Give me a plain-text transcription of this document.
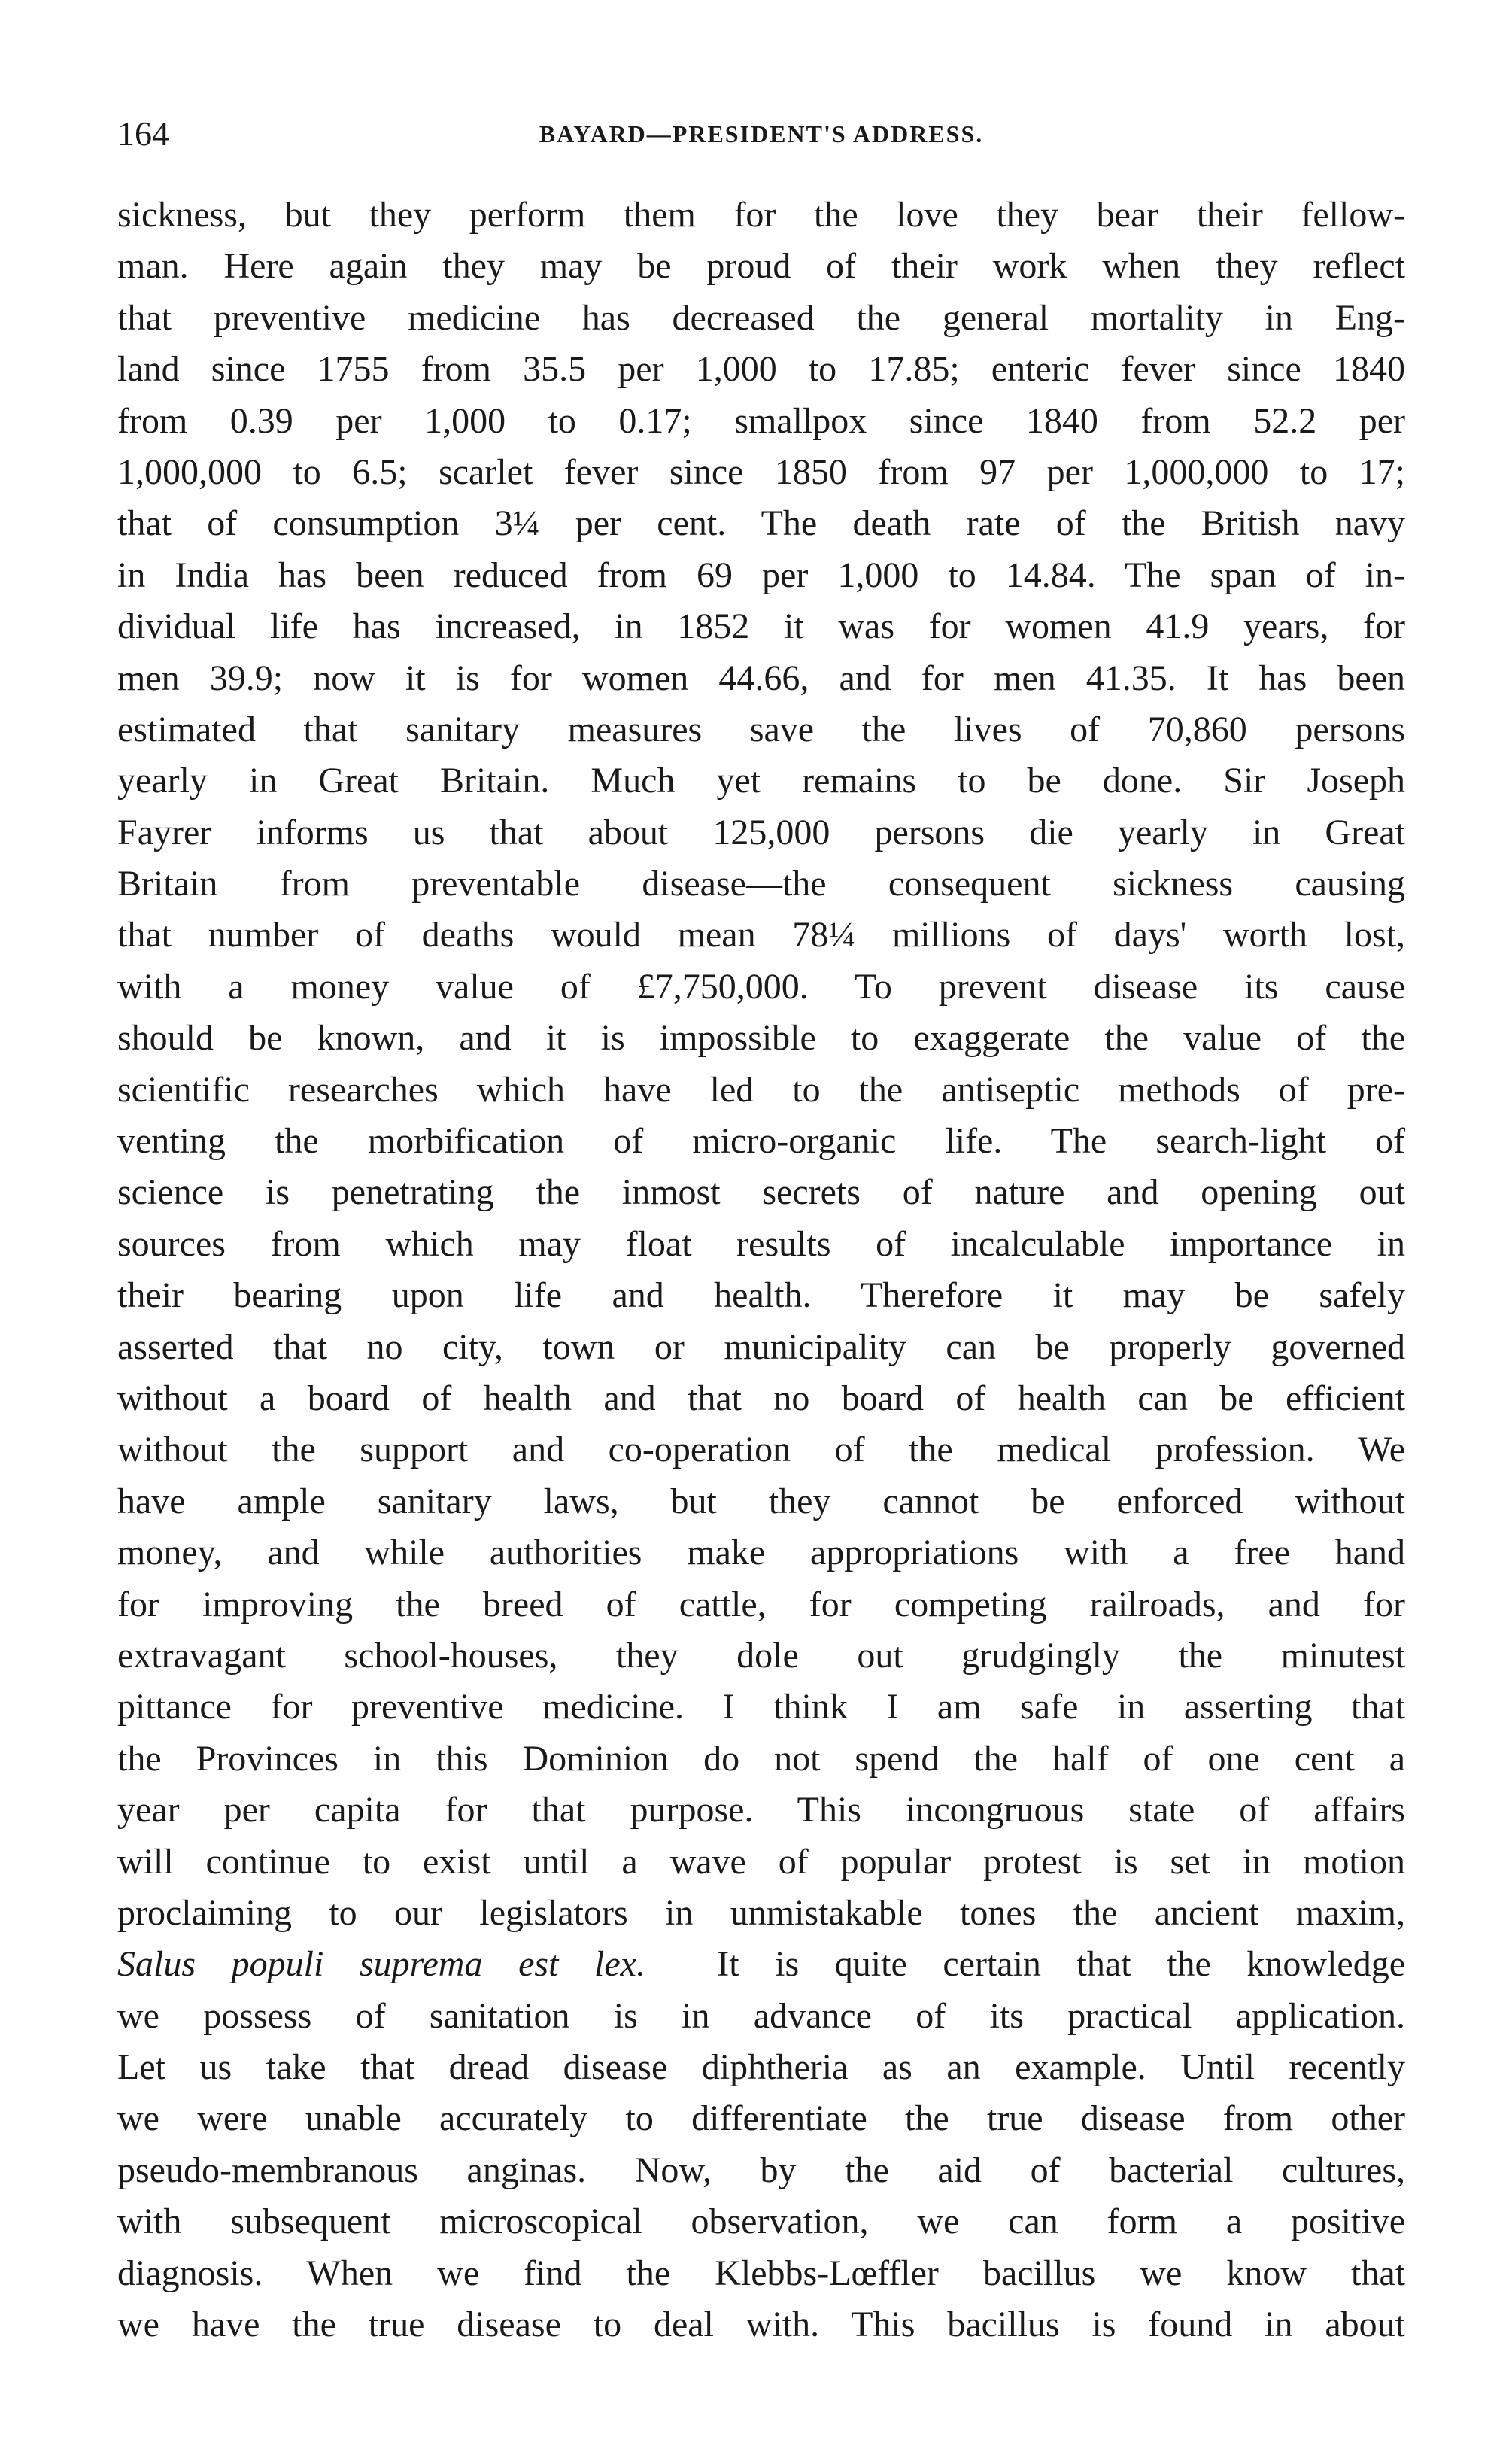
164	BAYARD—PRESIDENT'S ADDRESS.
sickness, but they perform them for the love they bear their fellow-
man. Here again they may be proud of their work when they reflect
that preventive medicine has decreased the general mortality in Eng-
land since 1755 from 35.5 per 1,000 to 17.85; enteric fever since 1840
from 0.39 per 1,000 to 0.17; smallpox since 1840 from 52.2 per
1,000,000 to 6.5; scarlet fever since 1850 from 97 per 1,000,000 to 17;
that of consumption 3¼ per cent. The death rate of the British navy
in India has been reduced from 69 per 1,000 to 14.84. The span of in-
dividual life has increased, in 1852 it was for women 41.9 years, for
men 39.9; now it is for women 44.66, and for men 41.35. It has been
estimated that sanitary measures save the lives of 70,860 persons
yearly in Great Britain. Much yet remains to be done. Sir Joseph
Fayrer informs us that about 125,000 persons die yearly in Great
Britain from preventable disease—the consequent sickness causing
that number of deaths would mean 78¼ millions of days' worth lost,
with a money value of £7,750,000. To prevent disease its cause
should be known, and it is impossible to exaggerate the value of the
scientific researches which have led to the antiseptic methods of pre-
venting the morbification of micro-organic life. The search-light of
science is penetrating the inmost secrets of nature and opening out
sources from which may float results of incalculable importance in
their bearing upon life and health. Therefore it may be safely
asserted that no city, town or municipality can be properly governed
without a board of health and that no board of health can be efficient
without the support and co-operation of the medical profession. We
have ample sanitary laws, but they cannot be enforced without
money, and while authorities make appropriations with a free hand
for improving the breed of cattle, for competing railroads, and for
extravagant school-houses, they dole out grudgingly the minutest
pittance for preventive medicine. I think I am safe in asserting that
the Provinces in this Dominion do not spend the half of one cent a
year per capita for that purpose. This incongruous state of affairs
will continue to exist until a wave of popular protest is set in motion
proclaiming to our legislators in unmistakable tones the ancient maxim,
Salus populi suprema est lex. It is quite certain that the knowledge
we possess of sanitation is in advance of its practical application.
Let us take that dread disease diphtheria as an example. Until recently
we were unable accurately to differentiate the true disease from other
pseudo-membranous anginas. Now, by the aid of bacterial cultures,
with subsequent microscopical observation, we can form a positive
diagnosis. When we find the Klebbs-Lœffler bacillus we know that
we have the true disease to deal with. This bacillus is found in about
